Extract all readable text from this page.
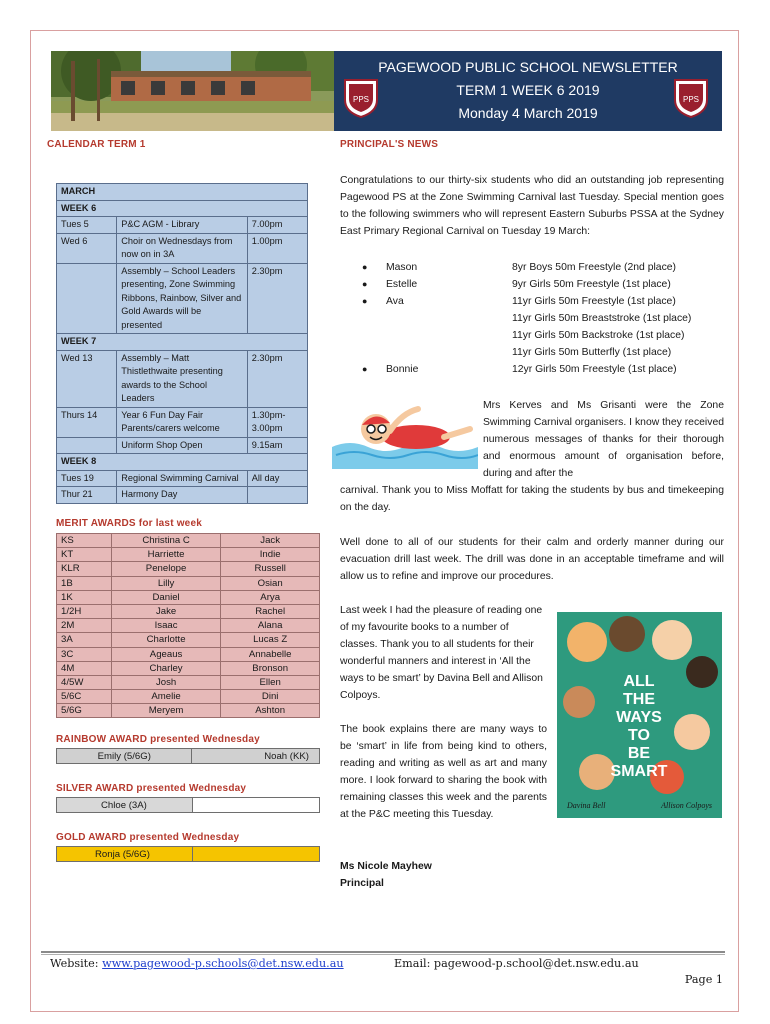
PAGEWOOD PUBLIC SCHOOL NEWSLETTER
TERM 1 WEEK 6 2019
Monday 4 March 2019
PPS	PPS
CALENDAR TERM 1	PRINCIPAL'S NEWS
MARCH		
WEEK 6		
Tues 5	P&C AGM - Library	7.00pm
Wed 6	Choir on Wednesdays from now on in 3A	1.00pm
	Assembly – School Leaders presenting, Zone Swimming Ribbons, Rainbow, Silver and Gold Awards will be presented	2.30pm
WEEK 7		
Wed 13	Assembly – Matt Thistlethwaite presenting awards to the School Leaders	2.30pm
Thurs 14	Year 6 Fun Day Fair Parents/carers welcome	1.30pm-3.00pm
	Uniform Shop Open	9.15am
WEEK 8		
Tues 19	Regional Swimming Carnival	All day
Thur 21	Harmony Day	
MERIT AWARDS for last week
KS	Christina C	Jack
KT	Harriette	Indie
KLR	Penelope	Russell
1B	Lilly	Osian
1K	Daniel	Arya
1/2H	Jake	Rachel
2M	Isaac	Alana
3A	Charlotte	Lucas Z
3C	Ageaus	Annabelle
4M	Charley	Bronson
4/5W	Josh	Ellen
5/6C	Amelie	Dini
5/6G	Meryem	Ashton
RAINBOW AWARD presented Wednesday
Emily (5/6G)	Noah (KK)
SILVER AWARD presented Wednesday
Chloe (3A)	
GOLD AWARD presented Wednesday
Ronja (5/6G)	
Congratulations to our thirty-six students who did an outstanding job representing Pagewood PS at the Zone Swimming Carnival last Tuesday. Special mention goes to the following swimmers who will represent Eastern Suburbs PSSA at the Sydney East Primary Regional Carnival on Tuesday 19 March:
● Mason	8yr Boys 50m Freestyle (2nd place)
● Estelle	9yr Girls 50m Freestyle (1st place)
● Ava	11yr Girls 50m Freestyle (1st place)
11yr Girls 50m Breaststroke (1st place)
11yr Girls 50m Backstroke (1st place)
11yr Girls 50m Butterfly (1st place)
● Bonnie	12yr Girls 50m Freestyle (1st place)
Mrs Kerves and Ms Grisanti were the Zone Swimming Carnival organisers. I know they received numerous messages of thanks for their thorough and enormous amount of organisation before, during and after the
carnival. Thank you to Miss Moffatt for taking the students by bus and timekeeping on the day.
Well done to all of our students for their calm and orderly manner during our evacuation drill last week. The drill was done in an acceptable timeframe and will allow us to refine and improve our procedures.
Last week I had the pleasure of reading one of my favourite books to a number of classes. Thank you to all students for their wonderful manners and interest in ‘All the ways to be smart’ by Davina Bell and Allison Colpoys.
ALL
THE
WAYS
TO
BE
SMART
Davina Bell	Allison Colpoys
The book explains there are many ways to be ‘smart’ in life from being kind to others, reading and writing as well as art and many more. I look forward to sharing the book with remaining classes this week and the parents at the P&C meeting this Tuesday.
Ms Nicole Mayhew
Principal
Website: www.pagewood-p.schools@det.nsw.edu.au	Email: pagewood-p.school@det.nsw.edu.au
Page 1
